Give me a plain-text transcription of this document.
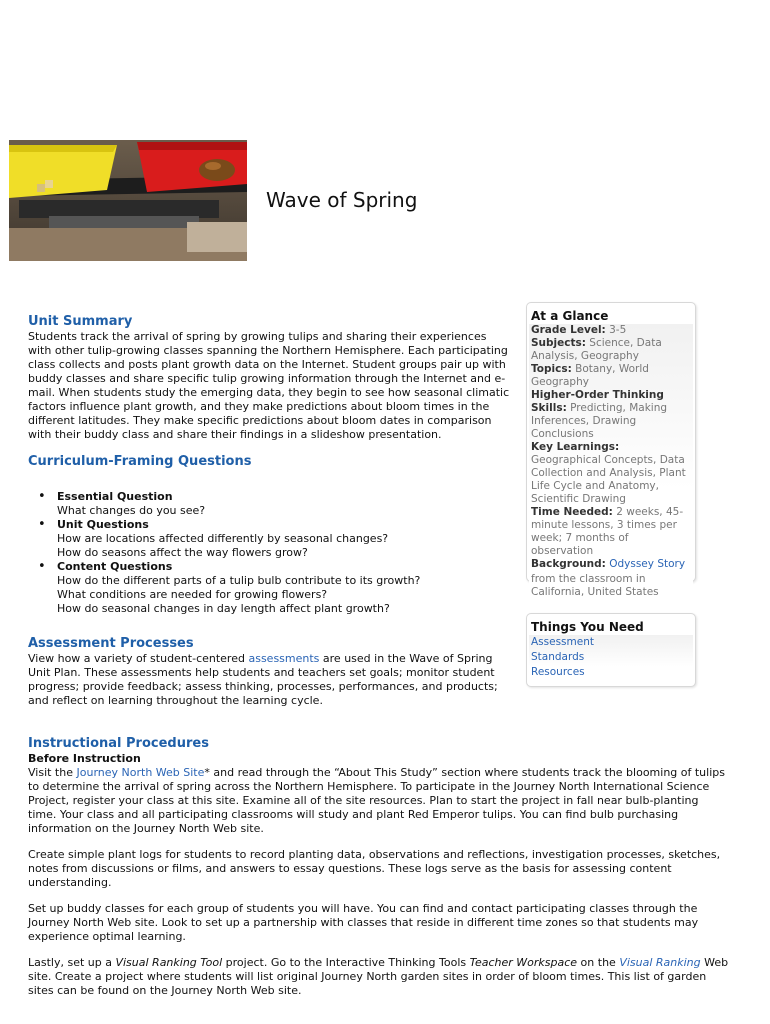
Wave of Spring
Unit Summary

Students track the arrival of spring by growing tulips and sharing their experiences with other tulip-growing classes spanning the Northern Hemisphere. Each participating class collects and posts plant growth data on the Internet. Student groups pair up with buddy classes and share specific tulip growing information through the Internet and e-mail. When students study the emerging data, they begin to see how seasonal climatic factors influence plant growth, and they make predictions about bloom times in the different latitudes. They make specific predictions about bloom dates in comparison with their buddy class and share their findings in a slideshow presentation.

Curriculum-Framing Questions
• Essential Question
What changes do you see?
• Unit Questions
How are locations affected differently by seasonal changes?
How do seasons affect the way flowers grow?
• Content Questions
How do the different parts of a tulip bulb contribute to its growth?
What conditions are needed for growing flowers?
How do seasonal changes in day length affect plant growth?
Assessment Processes

View how a variety of student-centered assessments are used in the Wave of Spring Unit Plan. These assessments help students and teachers set goals; monitor student progress; provide feedback; assess thinking, processes, performances, and products; and reflect on learning throughout the learning cycle.

Instructional Procedures
Before Instruction

Visit the Journey North Web Site* and read through the “About This Study” section where students track the blooming of tulips to determine the arrival of spring across the Northern Hemisphere. To participate in the Journey North International Science Project, register your class at this site. Examine all of the site resources. Plan to start the project in fall near bulb-planting time. Your class and all participating classrooms will study and plant Red Emperor tulips. You can find bulb purchasing information on the Journey North Web site.

Create simple plant logs for students to record planting data, observations and reflections, investigation processes, sketches, notes from discussions or films, and answers to essay questions. These logs serve as the basis for assessing content understanding.

Set up buddy classes for each group of students you will have. You can find and contact participating classes through the Journey North Web site. Look to set up a partnership with classes that reside in different time zones so that students may experience optimal learning.

Lastly, set up a Visual Ranking Tool project. Go to the Interactive Thinking Tools Teacher Workspace on the Visual Ranking Web site. Create a project where students will list original Journey North garden sites in order of bloom times. This list of garden sites can be found on the Journey North Web site.

At a Glance
Grade Level: 3-5
Subjects: Science, Data Analysis, Geography
Topics: Botany, World Geography
Higher-Order Thinking Skills: Predicting, Making Inferences, Drawing Conclusions
Key Learnings: Geographical Concepts, Data Collection and Analysis, Plant Life Cycle and Anatomy, Scientific Drawing
Time Needed: 2 weeks, 45-minute lessons, 3 times per week; 7 months of observation
Background: Odyssey Story
from the classroom in California, United States
Things You Need
Assessment
Standards
Resources
